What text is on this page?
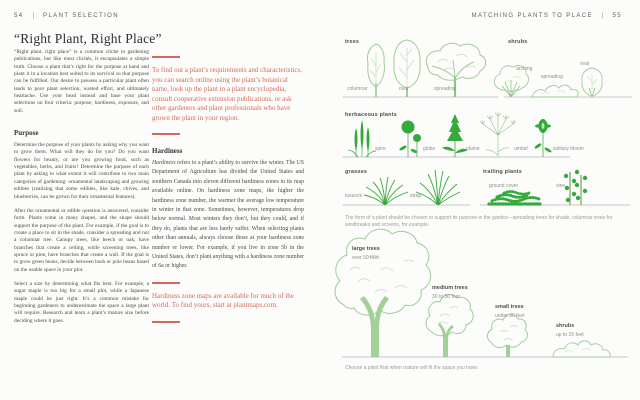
54 | PLANT SELECTION
“Right Plant, Right Place”

“Right plant, right place” is a common cliché in gardening publications, but like most clichés, it encapsulates a simple truth. Choose a plant that’s right for the purpose at hand and plant it in a location best suited to its survival so that purpose can be fulfilled. Our desire to possess a particular plant often leads to poor plant selection, wasted effort, and ultimately heartache. Use your head instead and base your plant selections on four criteria: purpose, hardiness, exposure, and soil.

Purpose

Determine the purpose of your plants by asking why you want to grow them. What will they do for you? Do you want flowers for beauty, or are you growing food, such as vegetables, herbs, and fruits? Determine the purpose of each plant by asking to what extent it will contribute to two main categories of gardening: ornamental landscaping and growing edibles (realizing that some edibles, like kale, chives, and blueberries, can be grown for their ornamental features).

After the ornamental or edible question is answered, consider form. Plants come in many shapes, and the shape should support the purpose of the plant. For example, if the goal is to create a place to sit in the shade, consider a spreading and not a columnar tree. Canopy trees, like beech or oak, have branches that create a ceiling, while screening trees, like spruce or pine, have branches that create a wall. If the goal is to grow green beans, decide between bush or pole beans based on the usable space in your plot.

Select a size by determining what fits best. For example, a sugar maple is too big for a small plot, while a Japanese maple could be just right. It’s a common mistake for beginning gardeners to underestimate the space a large plant will require. Research and learn a plant’s mature size before deciding where it goes.

To find out a plant’s requirements and characteristics, you can search online using the plant’s botanical name, look up the plant in a plant encyclopedia, consult cooperative extension publications, or ask other gardeners and plant professionals who have grown the plant in your region.

Hardiness

Hardiness refers to a plant’s ability to survive the winter. The US Department of Agriculture has divided the United States and southern Canada into eleven different hardiness zones in its map available online. On hardiness zone maps, the higher the hardiness zone number, the warmer the average low temperature in winter in that zone. Sometimes, however, temperatures drop below normal. Most winters they don’t, but they could, and if they do, plants that are less hardy suffer. When selecting plants other than annuals, always choose those at your hardiness zone number or lower. For example, if you live in zone 5b in the United States, don’t plant anything with a hardiness zone number of 6a or higher.

Hardiness zone maps are available for much of the world. To find yours, start at plantmaps.com.

MATCHING PLANTS TO PLACE | 55
trees	shrubs
herbaceous plants
grasses	trailing plants
columnar	oval	spreading
arching
spreading
oval
spire	globe	plume	umbel	solitary bloom
tussock	strap
ground cover	vine
The form of a plant should be chosen to support its purpose in the garden—spreading trees for shade, columnar trees for windbreaks and screens, for example.
large trees
over 50 feet
medium trees
30 to 50 feet
small trees
under 30 feet
shrubs
up to 15 feet
Choose a plant that when mature will fit the space you have.
